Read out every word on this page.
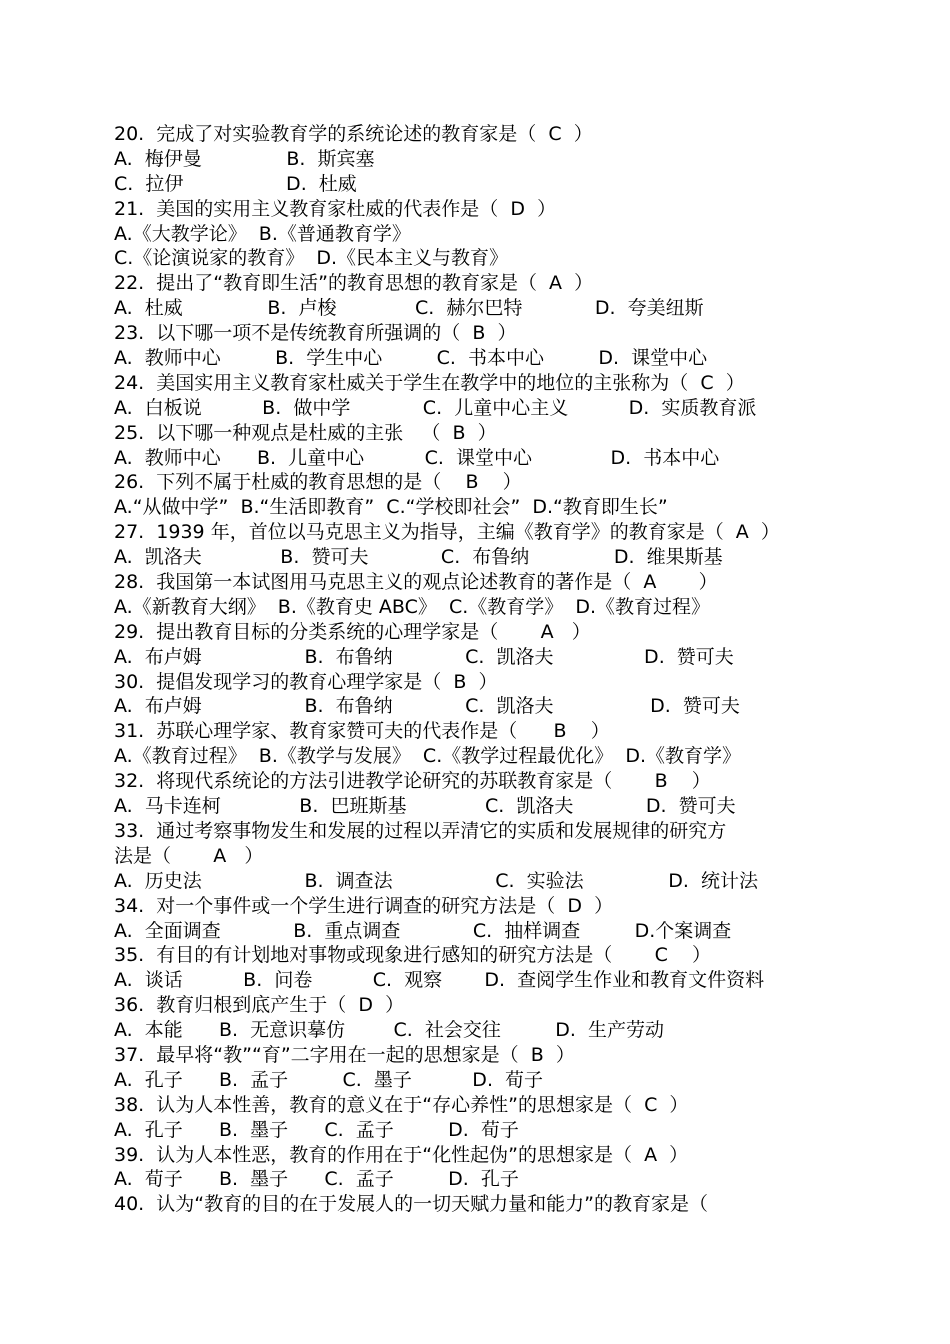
20.  完成了对实验教育学的系统论述的教育家是（  C  ）
A.  梅伊曼              B.  斯宾塞
C.  拉伊                 D.  杜威
21.  美国的实用主义教育家杜威的代表作是（  D  ）
A.《大教学论》  B.《普通教育学》
C.《论演说家的教育》  D.《民本主义与教育》
22.  提出了“教育即生活”的教育思想的教育家是（  A  ）
A.  杜威              B.  卢梭             C.  赫尔巴特            D.  夸美纽斯
23.  以下哪一项不是传统教育所强调的（  B  ）
A.  教师中心         B.  学生中心         C.  书本中心         D.  课堂中心
24.  美国实用主义教育家杜威关于学生在教学中的地位的主张称为（  C  ）
A.  白板说          B.  做中学            C.  儿童中心主义          D.  实质教育派
25.  以下哪一种观点是杜威的主张   （  B  ）
A.  教师中心      B.  儿童中心          C.  课堂中心             D.  书本中心
26.  下列不属于杜威的教育思想的是（    B    ）
A.“从做中学”  B.“生活即教育”  C.“学校即社会”  D.“教育即生长”
27.  1939 年，首位以马克思主义为指导，主编《教育学》的教育家是（  A  ）
A.  凯洛夫             B.  赞可夫            C.  布鲁纳              D.  维果斯基
28.  我国第一本试图用马克思主义的观点论述教育的著作是（  A       ）
A.《新教育大纲》  B.《教育史 ABC》  C.《教育学》  D.《教育过程》
29.  提出教育目标的分类系统的心理学家是（       A   ）
A.  布卢姆                 B.  布鲁纳            C.  凯洛夫               D.  赞可夫
30.  提倡发现学习的教育心理学家是（  B  ）
A.  布卢姆                 B.  布鲁纳            C.  凯洛夫                D.  赞可夫
31.  苏联心理学家、教育家赞可夫的代表作是（      B    ）
A.《教育过程》  B.《教学与发展》  C.《教学过程最优化》  D.《教育学》
32.  将现代系统论的方法引进教学论研究的苏联教育家是（       B    ）
A.  马卡连柯             B.  巴班斯基             C.  凯洛夫            D.  赞可夫
33.  通过考察事物发生和发展的过程以弄清它的实质和发展规律的研究方
法是（       A   ）
A.  历史法                 B.  调查法                 C.  实验法              D.  统计法
34.  对一个事件或一个学生进行调查的研究方法是（  D  ）
A.  全面调查            B.  重点调查            C.  抽样调查         D.个案调查
35.  有目的有计划地对事物或现象进行感知的研究方法是（       C    ）
A.  谈话          B.  问卷          C.  观察       D.  查阅学生作业和教育文件资料
36.  教育归根到底产生于（  D  ）
A.  本能      B.  无意识摹仿        C.  社会交往         D.  生产劳动
37.  最早将“教”“育”二字用在一起的思想家是（  B  ）
A.  孔子      B.  孟子         C.  墨子          D.  荀子
38.  认为人本性善，教育的意义在于“存心养性”的思想家是（  C  ）
A.  孔子      B.  墨子      C.  孟子         D.  荀子
39.  认为人本性恶，教育的作用在于“化性起伪”的思想家是（  A  ）
A.  荀子      B.  墨子      C.  孟子         D.  孔子
40.  认为“教育的目的在于发展人的一切天赋力量和能力”的教育家是（
